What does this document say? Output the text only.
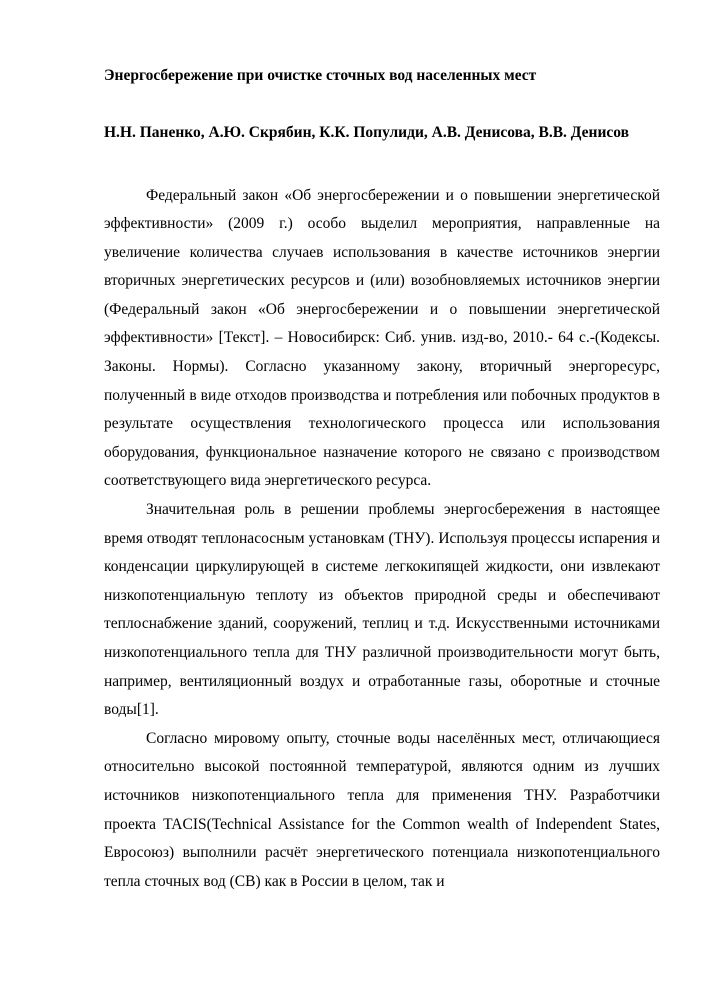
Энергосбережение при очистке сточных вод населенных мест

Н.Н. Паненко, А.Ю. Скрябин, К.К. Популиди, А.В. Денисова, В.В. Денисов

Федеральный закон «Об энергосбережении и о повышении энергетической эффективности» (2009 г.) особо выделил мероприятия, направленные на увеличение количества случаев использования в качестве источников энергии вторичных энергетических ресурсов и (или) возобновляемых источников энергии (Федеральный закон «Об энергосбережении и о повышении энергетической эффективности» [Текст]. – Новосибирск: Сиб. унив. изд-во, 2010.- 64 с.-(Кодексы. Законы. Нормы). Согласно указанному закону, вторичный энергоресурс, полученный в виде отходов производства и потребления или побочных продуктов в результате осуществления технологического процесса или использования оборудования, функциональное назначение которого не связано с производством соответствующего вида энергетического ресурса.

Значительная роль в решении проблемы энергосбережения в настоящее время отводят теплонасосным установкам (ТНУ). Используя процессы испарения и конденсации циркулирующей в системе легкокипящей жидкости, они извлекают низкопотенциальную теплоту из объектов природной среды и обеспечивают теплоснабжение зданий, сооружений, теплиц и т.д. Искусственными источниками низкопотенциального тепла для ТНУ различной производительности могут быть, например, вентиляционный воздух и отработанные газы, оборотные и сточные воды[1].

Согласно мировому опыту, сточные воды населённых мест, отличающиеся относительно высокой постоянной температурой, являются одним из лучших источников низкопотенциального тепла для применения ТНУ. Разработчики проекта TACIS(Technical Assistance for the Common wealth of Independent States, Евросоюз) выполнили расчёт энергетического потенциала низкопотенциального тепла сточных вод (СВ) как в России в целом, так и
